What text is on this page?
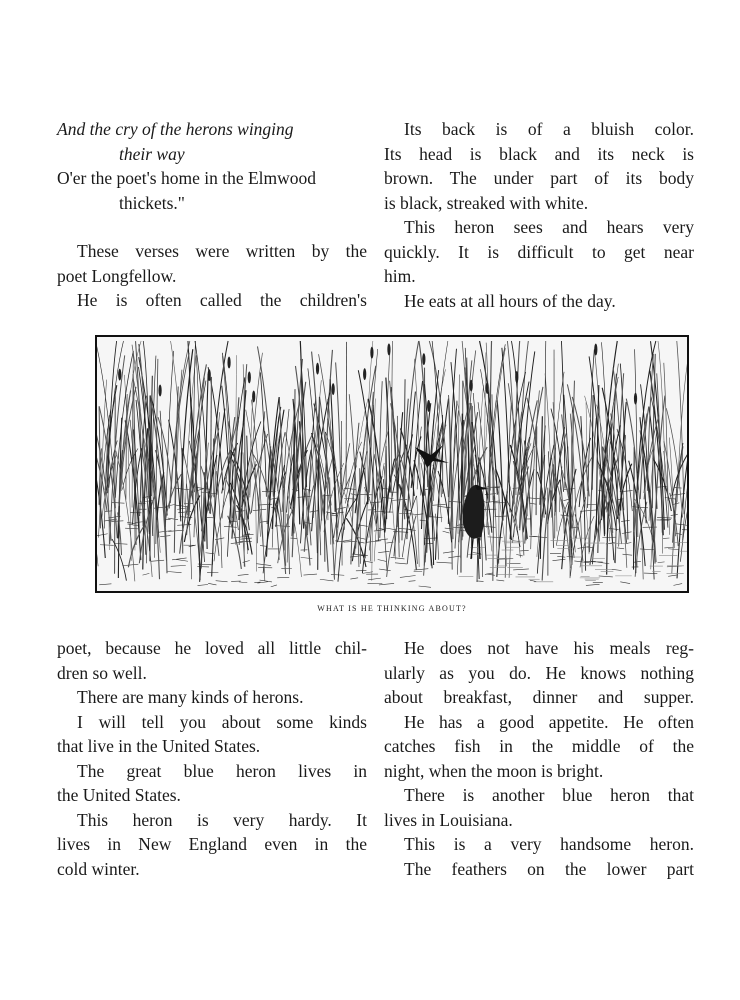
And the cry of the herons winging

their way

O'er the poet's home in the Elmwood

thickets."

These verses were written by the

poet Longfellow.

He is often called the children's

Its back is of a bluish color.

Its head is black and its neck is

brown. The under part of its body

is black, streaked with white.

This heron sees and hears very

quickly. It is difficult to get near

him.

He eats at all hours of the day.

WHAT IS HE THINKING ABOUT?

poet, because he loved all little chil-

dren so well.

There are many kinds of herons.

I will tell you about some kinds

that live in the United States.

The great blue heron lives in

the United States.

This heron is very hardy. It

lives in New England even in the

cold winter.

He does not have his meals reg-

ularly as you do. He knows nothing

about breakfast, dinner and supper.

He has a good appetite. He often

catches fish in the middle of the

night, when the moon is bright.

There is another blue heron that

lives in Louisiana.

This is a very handsome heron.

The feathers on the lower part
